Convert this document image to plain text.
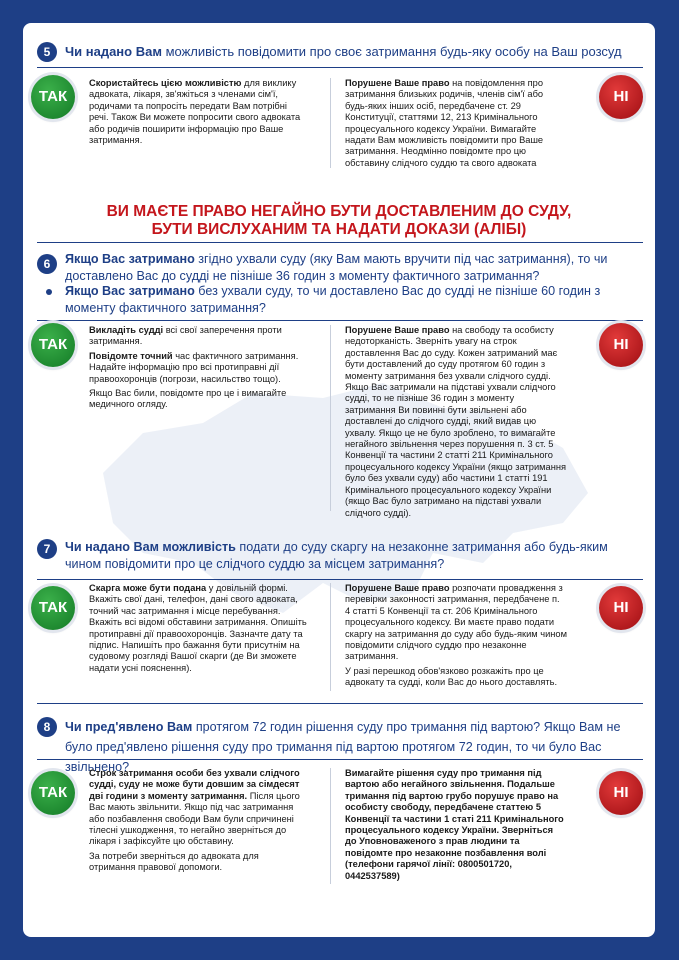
5	Чи надано Вам можливість повідомити про своє затримання будь-яку особу на Ваш розсуд
ТАК

Скористайтесь цією можливістю для виклику адвоката, лікаря, зв'яжіться з членами сім'ї, родичами та попросіть передати Вам потрібні речі. Також Ви можете попросити свого адвоката або родичів поширити інформацію про Ваше затримання.

Порушене Ваше право на повідомлення про затримання близьких родичів, членів сім'ї або будь-яких інших осіб, передбачене ст. 29 Конституції, статтями 12, 213 Кримінального процесуального кодексу України. Вимагайте надати Вам можливість повідомити про Ваше затримання. Неодмінно повідомте про цю обставину слідчого суддю та свого адвоката

НІ
ВИ МАЄТЕ ПРАВО НЕГАЙНО БУТИ ДОСТАВЛЕНИМ ДО СУДУ,
БУТИ ВИСЛУХАНИМ ТА НАДАТИ ДОКАЗИ (АЛІБІ)
6	Якщо Вас затримано згідно ухвали суду (яку Вам мають вручити під час затримання), то чи доставлено Вас до судді не пізніше 36 годин з моменту фактичного затримання?
Якщо Вас затримано без ухвали суду, то чи доставлено Вас до судді не пізніше 60 годин з моменту фактичного затримання?
ТАК

Викладіть судді всі свої заперечення проти затримання.

Повідомте точний час фактичного затримання. Надайте інформацію про всі протиправні дії правоохоронців (погрози, насильство тощо).

Якщо Вас били, повідомте про це і вимагайте медичного огляду.

Порушене Ваше право на свободу та особисту недоторканість. Зверніть увагу на строк доставлення Вас до суду. Кожен затриманий має бути доставлений до суду протягом 60 годин з моменту затримання без ухвали слідчого судді. Якщо Вас затримали на підставі ухвали слідчого судді, то не пізніше 36 годин з моменту затримання Ви повинні бути звільнені або доставлені до слідчого судді, який видав цю ухвалу. Якщо це не було зроблено, то вимагайте негайного звільнення через порушення п. 3 ст. 5 Конвенції та частини 2 статті 211 Кримінального процесуального кодексу України (якщо затримання було без ухвали суду) або частини 1 статті 191 Кримінального процесуального кодексу України (якщо Вас було затримано на підставі ухвали слідчого судді).

НІ
7	Чи надано Вам можливість подати до суду скаргу на незаконне затримання або будь-яким чином повідомити про це слідчого суддю за місцем затримання?
ТАК

Скарга може бути подана у довільній формі. Вкажіть свої дані, телефон, дані свого адвоката, точний час затримання і місце перебування. Вкажіть всі відомі обставини затримання. Опишіть протиправні дії правоохоронців. Зазначте дату та підпис. Напишіть про бажання бути присутнім на судовому розгляді Вашої скарги (де Ви зможете надати усні пояснення).

Порушене Ваше право розпочати провадження з перевірки законності затримання, передбачене п. 4 статті 5 Конвенції та ст. 206 Кримінального процесуального кодексу. Ви маєте право подати скаргу на затримання до суду або будь-яким чином повідомити слідчого суддю про незаконне затримання.

У разі перешкод обов'язково розкажіть про це адвокату та судді, коли Вас до нього доставлять.

НІ
8	Чи пред'явлено Вам протягом 72 годин рішення суду про тримання під вартою? Якщо Вам не було пред'явлено рішення суду про тримання під вартою протягом 72 годин, то чи було Вас звільнено?
ТАК

Строк затримання особи без ухвали слідчого судді, суду не може бути довшим за сімдесят дві години з моменту затримання. Після цього Вас мають звільнити. Якщо під час затримання або позбавлення свободи Вам були спричинені тілесні ушкодження, то негайно зверніться до лікаря і зафіксуйте цю обставину.

За потреби зверніться до адвоката для отримання правової допомоги.

Вимагайте рішення суду про тримання під вартою або негайного звільнення. Подальше тримання під вартою грубо порушує право на особисту свободу, передбачене статтею 5 Конвенції та частини 1 статі 211 Кримінального процесуального кодексу України. Зверніться до Уповноваженого з прав людини та повідомте про незаконне позбавлення волі (телефони гарячої лінії: 0800501720, 0442537589)

НІ
